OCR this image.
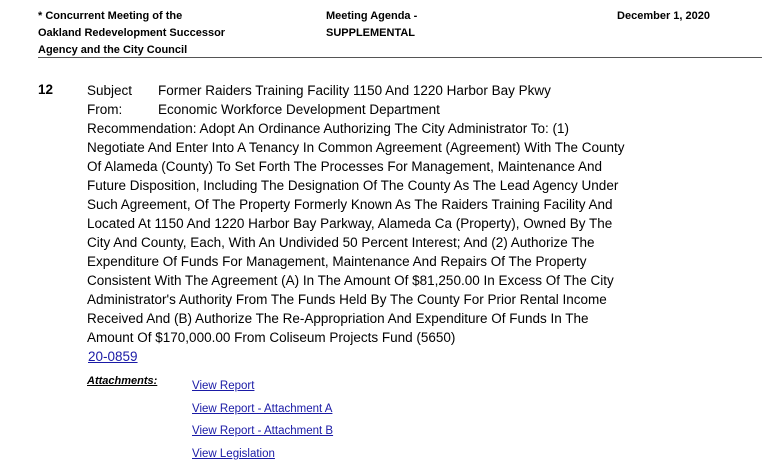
* Concurrent Meeting of the
Oakland Redevelopment Successor
Agency and the City Council
Meeting Agenda -
SUPPLEMENTAL
December 1, 2020
12	Subject	Former Raiders Training Facility 1150 And 1220 Harbor Bay Pkwy
From:	Economic Workforce Development Department
Recommendation: Adopt An Ordinance Authorizing The City Administrator To: (1)
Negotiate And Enter Into A Tenancy In Common Agreement (Agreement) With The County
Of Alameda (County) To Set Forth The Processes For Management, Maintenance And
Future Disposition, Including The Designation Of The County As The Lead Agency Under
Such Agreement, Of The Property Formerly Known As The Raiders Training Facility And
Located At 1150 And 1220 Harbor Bay Parkway, Alameda Ca (Property), Owned By The
City And County, Each, With An Undivided 50 Percent Interest; And (2) Authorize The
Expenditure Of Funds For Management, Maintenance And Repairs Of The Property
Consistent With The Agreement (A) In The Amount Of $81,250.00 In Excess Of The City
Administrator's Authority From The Funds Held By The County For Prior Rental Income
Received And (B) Authorize The Re-Appropriation And Expenditure Of Funds In The
Amount Of $170,000.00 From Coliseum Projects Fund (5650)
20-0859
Attachments:	View Report
View Report - Attachment A
View Report - Attachment B
View Legislation
